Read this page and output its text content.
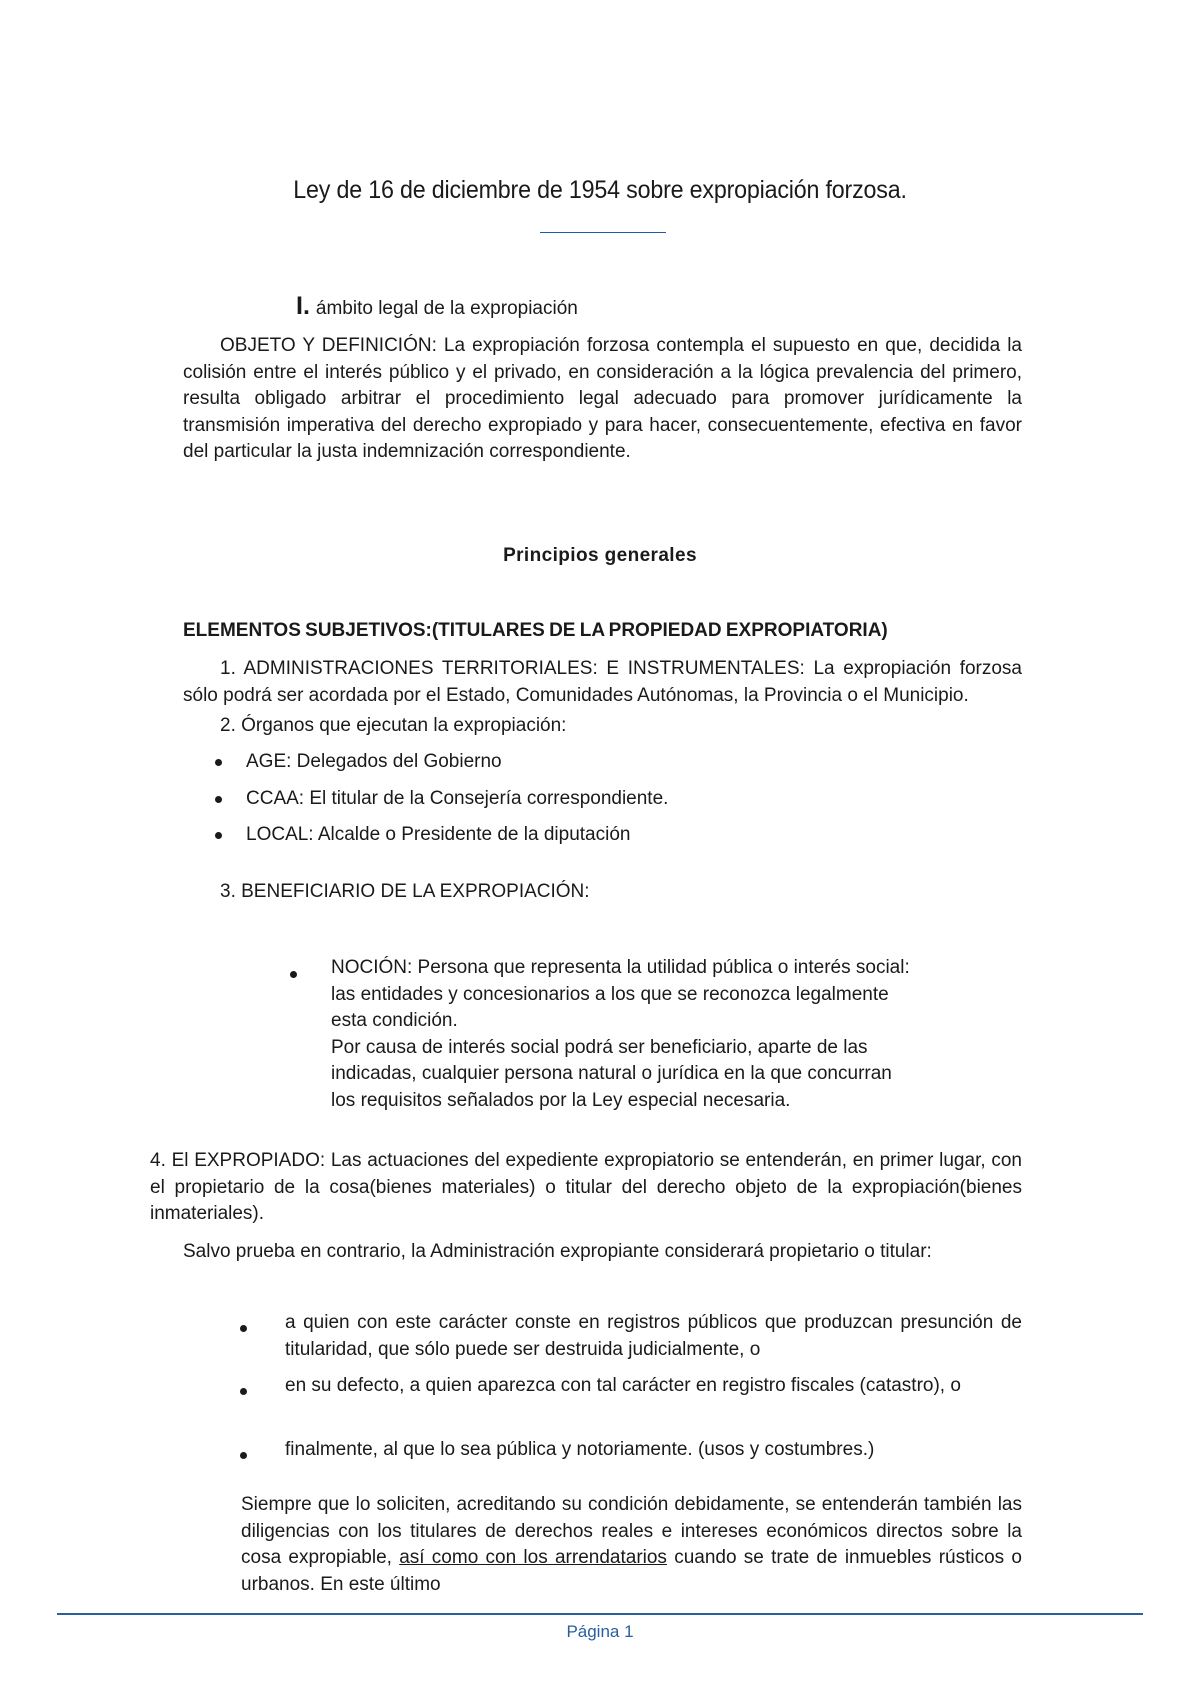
Ley de 16 de diciembre de 1954 sobre expropiación forzosa.
I. ámbito legal de la expropiación

OBJETO Y DEFINICIÓN: La expropiación forzosa contempla el supuesto en que, decidida la colisión entre el interés público y el privado, en consideración a la lógica prevalencia del primero, resulta obligado arbitrar el procedimiento legal adecuado para promover jurídicamente la transmisión imperativa del derecho expropiado y para hacer, consecuentemente, efectiva en favor del particular la justa indemnización correspondiente.

Principios generales
ELEMENTOS SUBJETIVOS:(TITULARES DE LA PROPIEDAD EXPROPIATORIA)

1. ADMINISTRACIONES TERRITORIALES: E INSTRUMENTALES: La expropiación forzosa sólo podrá ser acordada por el Estado, Comunidades Autónomas, la Provincia o el Municipio.

2. Órganos que ejecutan la expropiación:
AGE: Delegados del Gobierno
CCAA: El titular de la Consejería correspondiente.
LOCAL: Alcalde o Presidente de la diputación
3. BENEFICIARIO DE LA EXPROPIACIÓN:
NOCIÓN: Persona que representa la utilidad pública o interés social:
las entidades y concesionarios a los que se reconozca legalmente
esta condición.
Por causa de interés social podrá ser beneficiario, aparte de las
indicadas, cualquier persona natural o jurídica en la que concurran
los requisitos señalados por la Ley especial necesaria.

4. El EXPROPIADO: Las actuaciones del expediente expropiatorio se entenderán, en primer lugar, con el propietario de la cosa(bienes materiales) o titular del derecho objeto de la expropiación(bienes inmateriales).

Salvo prueba en contrario, la Administración expropiante considerará propietario o titular:

a quien con este carácter conste en registros públicos que produzcan presunción de titularidad, que sólo puede ser destruida judicialmente, o

en su defecto, a quien aparezca con tal carácter en registro fiscales (catastro), o

finalmente, al que lo sea pública y notoriamente. (usos y costumbres.)

Siempre que lo soliciten, acreditando su condición debidamente, se entenderán también las diligencias con los titulares de derechos reales e intereses económicos directos sobre la cosa expropiable, así como con los arrendatarios cuando se trate de inmuebles rústicos o urbanos. En este último

Página 1
